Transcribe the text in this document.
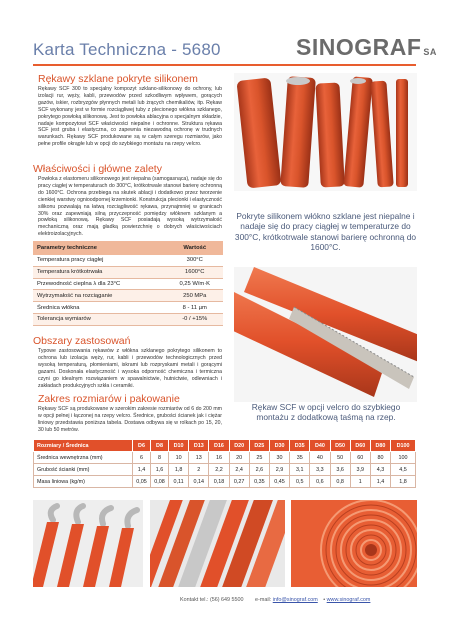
Karta Techniczna - 5680	SINOGRAF SA
Rękawy szklane pokryte silikonem
Rękawy SCF 300 to specjalny kompozyt szklano-silikonowy do ochrony, lub izolacji rur, węży, kabli, przewodów przed szkodliwym wpływem, gorących gazów, iskier, rozbryzgów płynnych metali lub żrących chemikaliów, itp. Rękaw SCF wykonany jest w formie rozciągliwej tuby z plecionego włókna szklanego, pokrytego powłoką silikonową. Jest to powłoka ablacyjna o specjalnym składzie, nadaje kompozytowi SCF właściwości niepalne i ochronne. Struktura rękawa SCF jest gruba i elastyczna, co zapewnia niezawodną ochronę w trudnych warunkach. Rękawy SCF produkowane są w całym szeregu rozmiarów, jako pełne profile okrągłe lub w opcji do szybkiego montażu na rzepy velcro.
Właściwości i główne zalety
Powłoka z elastomeru silikonowego jest niepalna (samogasnąca), nadaje się do pracy ciągłej w temperaturach do 300°C, krótkotrwale stanowi barierę ochronną do 1600°C. Ochrona przebiega na skutek ablacji i dodatkowo przez tworzenie cienkiej warstwy ognioodpornej krzemionki. Konstrukcja plecionki i elastyczność silikonu pozwalają na łatwą rozciągliwość rękawa, przynajmniej w granicach 30% oraz zapewniają silną przyczepność pomiędzy włóknem szklanym a powłoką silikonową. Rękawy SCF posiadają wysoką wytrzymałość mechaniczną oraz mają gładką powierzchnię o dobrych właściwościach elektroizolacyjnych.
Parametry techniczne	Wartość
Temperatura pracy ciągłej	300°C
Temperatura krótkotrwała	1600°C
Przewodność cieplna λ dla 23°C	0,25 W/m·K
Wytrzymałość na rozciąganie	250 MPa
Średnica włókna	8 - 11 µm
Tolerancja wymiarów	-0 / +15%
Obszary zastosowań
Typowe zastosowania rękawów z włókna szklanego pokrytego silikonem to ochrona lub izolacja węży, rur, kabli i przewodów technologicznych przed wysoką temperaturą, płomieniami, iskrami lub rozpryskami metali i gorącymi gazami. Doskonała elastyczność i wysoka odporność chemiczna i termiczna czyni go idealnym rozwiązaniem w spawalnictwie, hutnictwie, odlewniach i zakładach produkcyjnych szkła i ceramiki.
Zakres rozmiarów i pakowanie
Rękawy SCF są produkowane w szerokim zakresie rozmiarów od 6 do 200 mm w opcji pełnej i łączonej na rzepy velcro. Średnice, grubości ścianek jak i ciężar liniowy przedstawia poniższa tabela. Dostawa odbywa się w rolkach po 15, 20, 30 lub 50 metrów.
Pokryte silikonem włókno szklane jest niepalne i nadaje się do pracy ciągłej w temperaturze do 300°C, krótkotrwale stanowi barierę ochronną do 1600°C.
Rękaw SCF w opcji velcro do szybkiego montażu z dodatkową taśmą na rzep.
Rozmiary / Średnica	D6	D8	D10	D13	D16	D20	D25	D30	D35	D40	D50	D60	D80	D100
Średnica wewnętrzna (mm)	6	8	10	13	16	20	25	30	35	40	50	60	80	100
Grubość ścianki (mm)	1,4	1,6	1,8	2	2,2	2,4	2,6	2,9	3,1	3,3	3,6	3,9	4,3	4,5
Masa liniowa (kg/m)	0,05	0,08	0,11	0,14	0,18	0,27	0,35	0,45	0,5	0,6	0,8	1	1,4	1,8
Kontakt tel.: (56) 649 5500 e-mail: info@sinograf.com • www.sinograf.com
